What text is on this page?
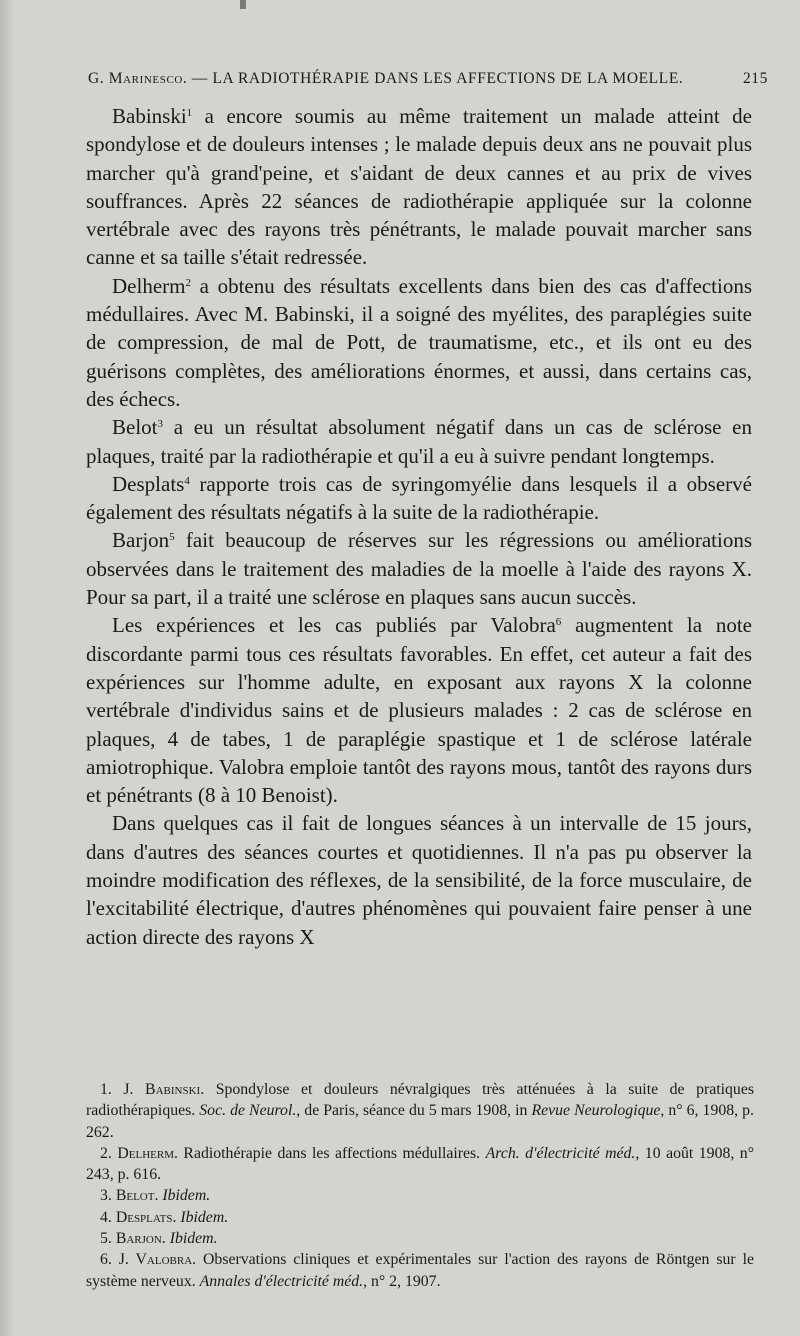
G. Marinesco. — LA RADIOTHÉRAPIE DANS LES AFFECTIONS DE LA MOELLE.	215

Babinski$^1$ a encore soumis au même traitement un malade atteint de spondylose et de douleurs intenses ; le malade depuis deux ans ne pouvait plus marcher qu'à grand'peine, et s'aidant de deux cannes et au prix de vives souffrances. Après 22 séances de radiothérapie appliquée sur la colonne vertébrale avec des rayons très pénétrants, le malade pouvait marcher sans canne et sa taille s'était redressée.

Delherm$^2$ a obtenu des résultats excellents dans bien des cas d'affections médullaires. Avec M. Babinski, il a soigné des myélites, des paraplégies suite de compression, de mal de Pott, de traumatisme, etc., et ils ont eu des guérisons complètes, des améliorations énormes, et aussi, dans certains cas, des échecs.

Belot$^3$ a eu un résultat absolument négatif dans un cas de sclérose en plaques, traité par la radiothérapie et qu'il a eu à suivre pendant longtemps.

Desplats$^4$ rapporte trois cas de syringomyélie dans lesquels il a observé également des résultats négatifs à la suite de la radiothérapie.

Barjon$^5$ fait beaucoup de réserves sur les régressions ou améliorations observées dans le traitement des maladies de la moelle à l'aide des rayons X. Pour sa part, il a traité une sclérose en plaques sans aucun succès.

Les expériences et les cas publiés par Valobra$^6$ augmentent la note discordante parmi tous ces résultats favorables. En effet, cet auteur a fait des expériences sur l'homme adulte, en exposant aux rayons X la colonne vertébrale d'individus sains et de plusieurs malades : 2 cas de sclérose en plaques, 4 de tabes, 1 de paraplégie spastique et 1 de sclérose latérale amiotrophique. Valobra emploie tantôt des rayons mous, tantôt des rayons durs et pénétrants (8 à 10 Benoist).

Dans quelques cas il fait de longues séances à un intervalle de 15 jours, dans d'autres des séances courtes et quotidiennes. Il n'a pas pu observer la moindre modification des réflexes, de la sensibilité, de la force musculaire, de l'excitabilité électrique, d'autres phénomènes qui pouvaient faire penser à une action directe des rayons X

1. J. Babinski. Spondylose et douleurs névralgiques très atténuées à la suite de pratiques radiothérapiques. Soc. de Neurol., de Paris, séance du 5 mars 1908, in Revue Neurologique, n° 6, 1908, p. 262.

2. Delherm. Radiothérapie dans les affections médullaires. Arch. d'électricité méd., 10 août 1908, n° 243, p. 616.

3. Belot. Ibidem.

4. Desplats. Ibidem.

5. Barjon. Ibidem.

6. J. Valobra. Observations cliniques et expérimentales sur l'action des rayons de Röntgen sur le système nerveux. Annales d'électricité méd., n° 2, 1907.
